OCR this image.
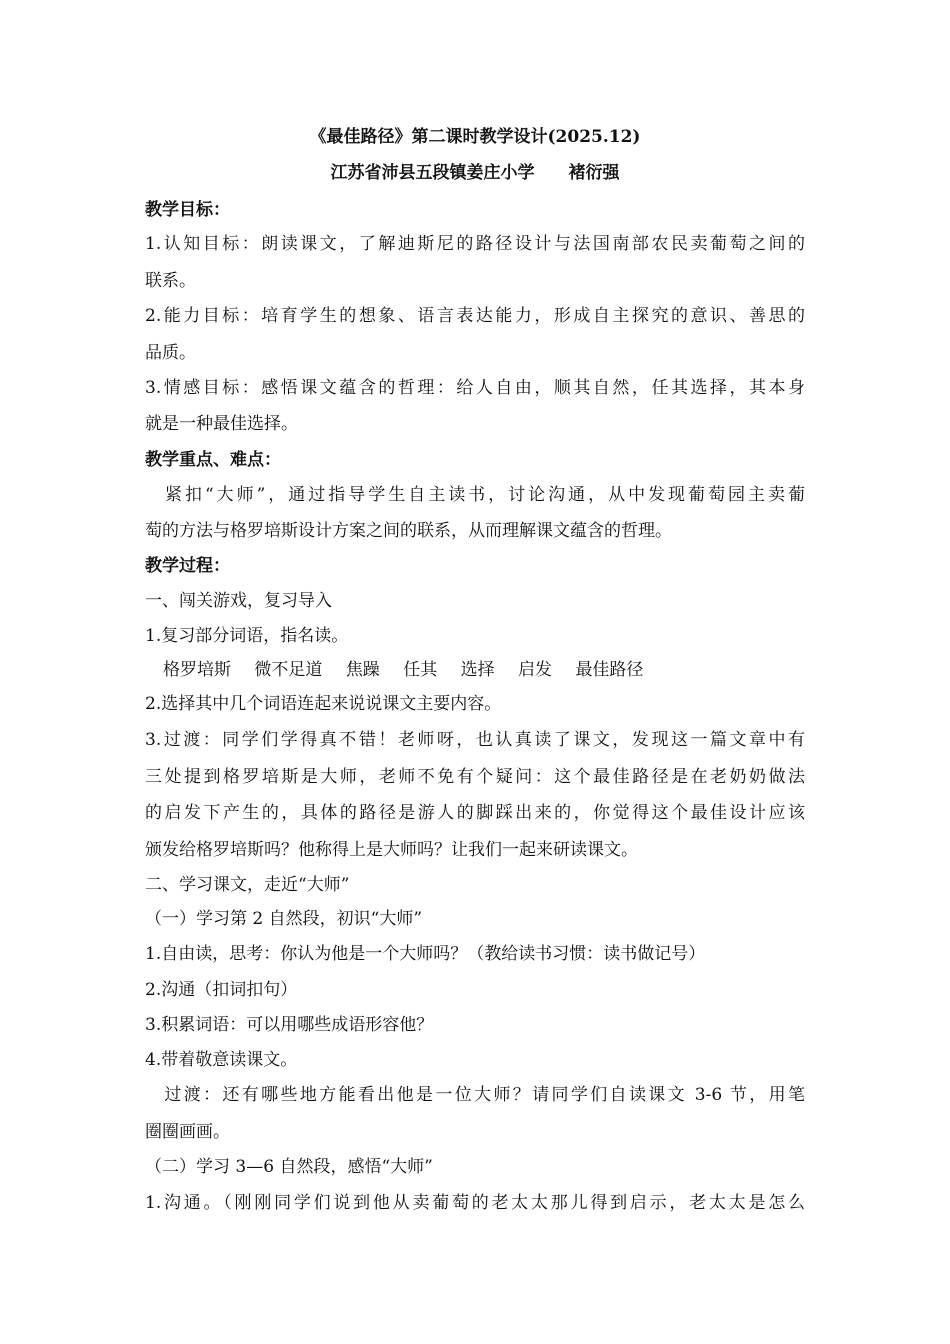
《最佳路径》第二课时教学设计(2025.12)
江苏省沛县五段镇姜庄小学　　褚衍强
教学目标：
1.认知目标：朗读课文，了解迪斯尼的路径设计与法国南部农民卖葡萄之间的
联系。
2.能力目标：培育学生的想象、语言表达能力，形成自主探究的意识、善思的
品质。
3.情感目标：感悟课文蕴含的哲理：给人自由，顺其自然，任其选择，其本身
就是一种最佳选择。
教学重点、难点：
　紧扣“大师”，通过指导学生自主读书，讨论沟通，从中发现葡萄园主卖葡
萄的方法与格罗培斯设计方案之间的联系，从而理解课文蕴含的哲理。
教学过程：
一、闯关游戏，复习导入
1.复习部分词语，指名读。
格罗培斯 微不足道 焦躁 任其 选择 启发 最佳路径
2.选择其中几个词语连起来说说课文主要内容。
3.过渡：同学们学得真不错！老师呀，也认真读了课文，发现这一篇文章中有
三处提到格罗培斯是大师，老师不免有个疑问：这个最佳路径是在老奶奶做法
的启发下产生的，具体的路径是游人的脚踩出来的，你觉得这个最佳设计应该
颁发给格罗培斯吗？他称得上是大师吗？让我们一起来研读课文。
二、学习课文，走近“大师”
（一）学习第 2 自然段，初识“大师”
1.自由读，思考：你认为他是一个大师吗？（教给读书习惯：读书做记号）
2.沟通（扣词扣句）
3.积累词语：可以用哪些成语形容他？
4.带着敬意读课文。
　过渡：还有哪些地方能看出他是一位大师？请同学们自读课文 3-6 节，用笔
圈圈画画。
（二）学习 3—6 自然段，感悟“大师”
1.沟通。（刚刚同学们说到他从卖葡萄的老太太那儿得到启示，老太太是怎么
